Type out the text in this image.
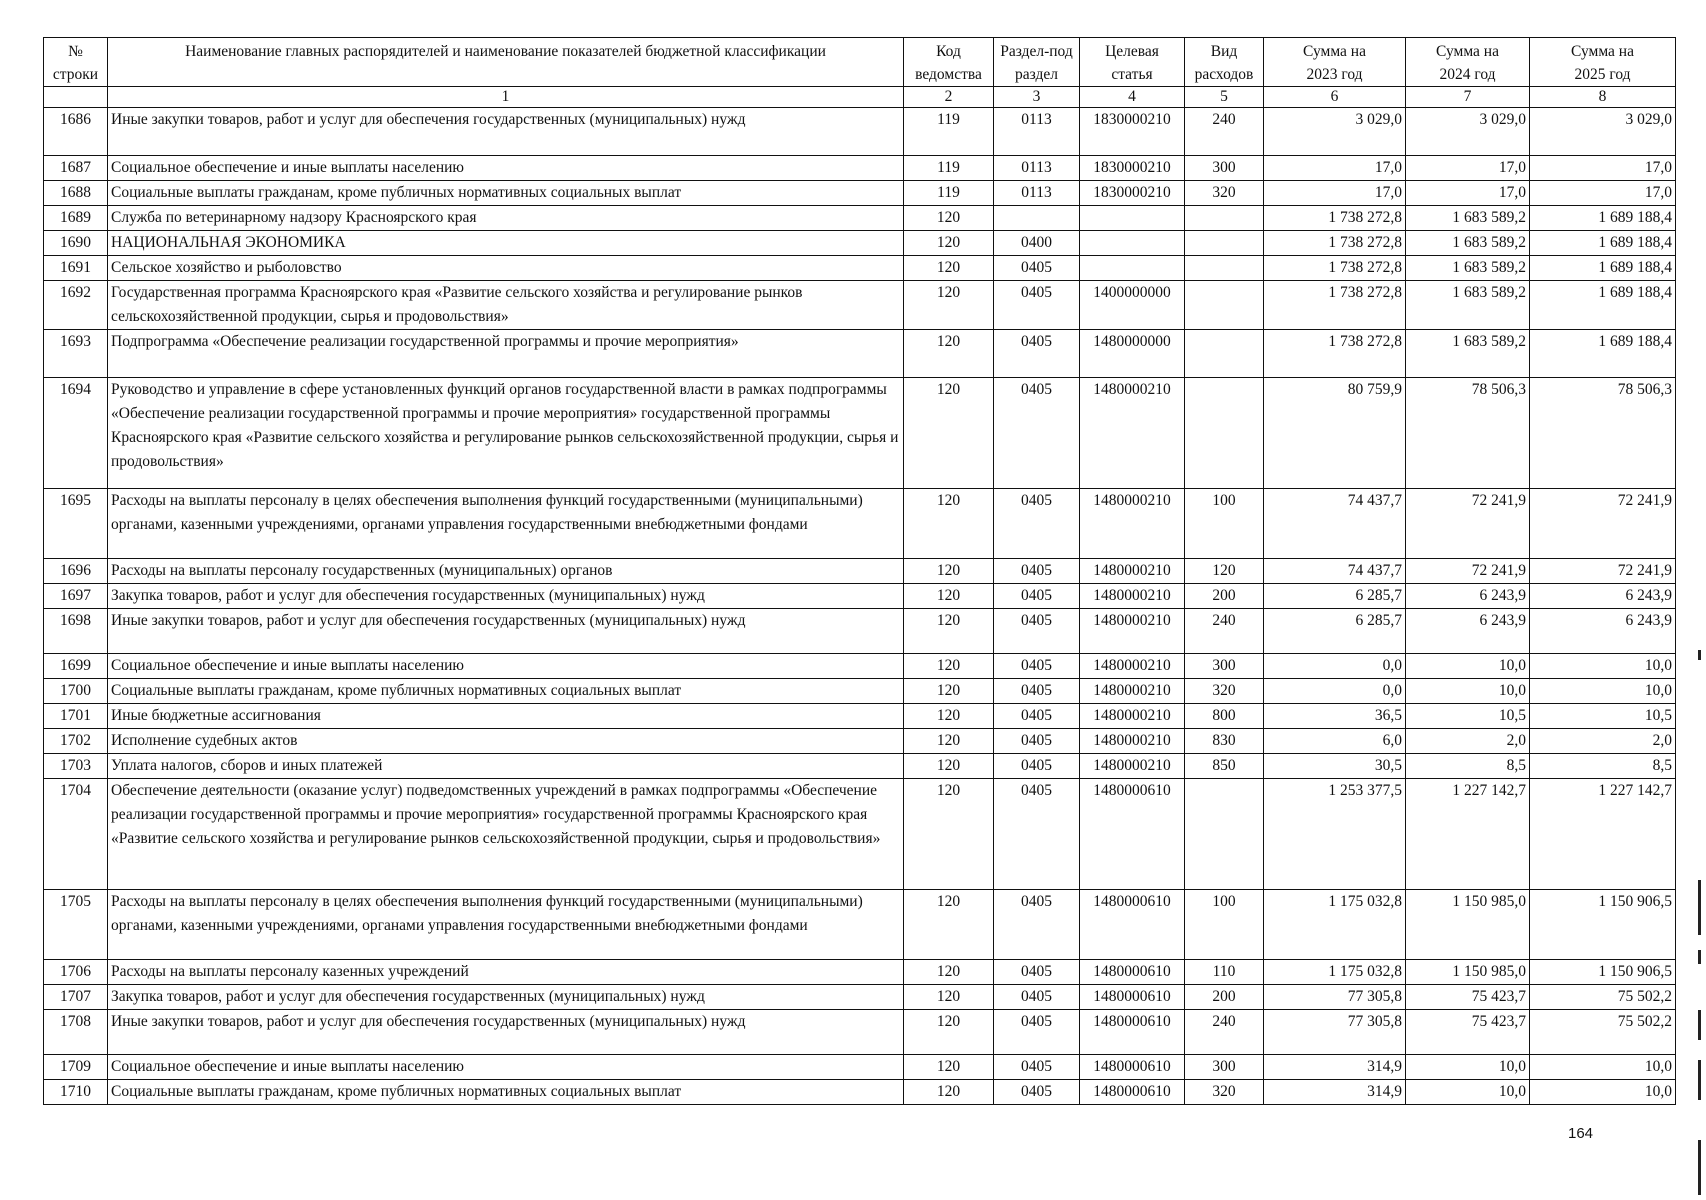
№ строки	Наименование главных распорядителей и наименование показателей бюджетной классификации	Код ведомства	Раздел-подраздел	Целевая статья	Вид расходов	Сумма на 2023 год	Сумма на 2024 год	Сумма на 2025 год
	1	2	3	4	5	6	7	8
1686	Иные закупки товаров, работ и услуг для обеспечения государственных (муниципальных) нужд	119	0113	1830000210	240	3 029,0	3 029,0	3 029,0
1687	Социальное обеспечение и иные выплаты населению	119	0113	1830000210	300	17,0	17,0	17,0
1688	Социальные выплаты гражданам, кроме публичных нормативных социальных выплат	119	0113	1830000210	320	17,0	17,0	17,0
1689	Служба по ветеринарному надзору Красноярского края	120				1 738 272,8	1 683 589,2	1 689 188,4
1690	НАЦИОНАЛЬНАЯ ЭКОНОМИКА	120	0400			1 738 272,8	1 683 589,2	1 689 188,4
1691	Сельское хозяйство и рыболовство	120	0405			1 738 272,8	1 683 589,2	1 689 188,4
1692	Государственная программа Красноярского края «Развитие сельского хозяйства и регулирование рынков сельскохозяйственной продукции, сырья и продовольствия»	120	0405	1400000000		1 738 272,8	1 683 589,2	1 689 188,4
1693	Подпрограмма «Обеспечение реализации государственной программы и прочие мероприятия»	120	0405	1480000000		1 738 272,8	1 683 589,2	1 689 188,4
1694	Руководство и управление в сфере установленных функций органов государственной власти в рамках подпрограммы «Обеспечение реализации государственной программы и прочие мероприятия» государственной программы Красноярского края «Развитие сельского хозяйства и регулирование рынков сельскохозяйственной продукции, сырья и продовольствия»	120	0405	1480000210		80 759,9	78 506,3	78 506,3
1695	Расходы на выплаты персоналу в целях обеспечения выполнения функций государственными (муниципальными) органами, казенными учреждениями, органами управления государственными внебюджетными фондами	120	0405	1480000210	100	74 437,7	72 241,9	72 241,9
1696	Расходы на выплаты персоналу государственных (муниципальных) органов	120	0405	1480000210	120	74 437,7	72 241,9	72 241,9
1697	Закупка товаров, работ и услуг для обеспечения государственных (муниципальных) нужд	120	0405	1480000210	200	6 285,7	6 243,9	6 243,9
1698	Иные закупки товаров, работ и услуг для обеспечения государственных (муниципальных) нужд	120	0405	1480000210	240	6 285,7	6 243,9	6 243,9
1699	Социальное обеспечение и иные выплаты населению	120	0405	1480000210	300	0,0	10,0	10,0
1700	Социальные выплаты гражданам, кроме публичных нормативных социальных выплат	120	0405	1480000210	320	0,0	10,0	10,0
1701	Иные бюджетные ассигнования	120	0405	1480000210	800	36,5	10,5	10,5
1702	Исполнение судебных актов	120	0405	1480000210	830	6,0	2,0	2,0
1703	Уплата налогов, сборов и иных платежей	120	0405	1480000210	850	30,5	8,5	8,5
1704	Обеспечение деятельности (оказание услуг) подведомственных учреждений в рамках подпрограммы «Обеспечение реализации государственной программы и прочие мероприятия» государственной программы Красноярского края «Развитие сельского хозяйства и регулирование рынков сельскохозяйственной продукции, сырья и продовольствия»	120	0405	1480000610		1 253 377,5	1 227 142,7	1 227 142,7
1705	Расходы на выплаты персоналу в целях обеспечения выполнения функций государственными (муниципальными) органами, казенными учреждениями, органами управления государственными внебюджетными фондами	120	0405	1480000610	100	1 175 032,8	1 150 985,0	1 150 906,5
1706	Расходы на выплаты персоналу казенных учреждений	120	0405	1480000610	110	1 175 032,8	1 150 985,0	1 150 906,5
1707	Закупка товаров, работ и услуг для обеспечения государственных (муниципальных) нужд	120	0405	1480000610	200	77 305,8	75 423,7	75 502,2
1708	Иные закупки товаров, работ и услуг для обеспечения государственных (муниципальных) нужд	120	0405	1480000610	240	77 305,8	75 423,7	75 502,2
1709	Социальное обеспечение и иные выплаты населению	120	0405	1480000610	300	314,9	10,0	10,0
1710	Социальные выплаты гражданам, кроме публичных нормативных социальных выплат	120	0405	1480000610	320	314,9	10,0	10,0
164
